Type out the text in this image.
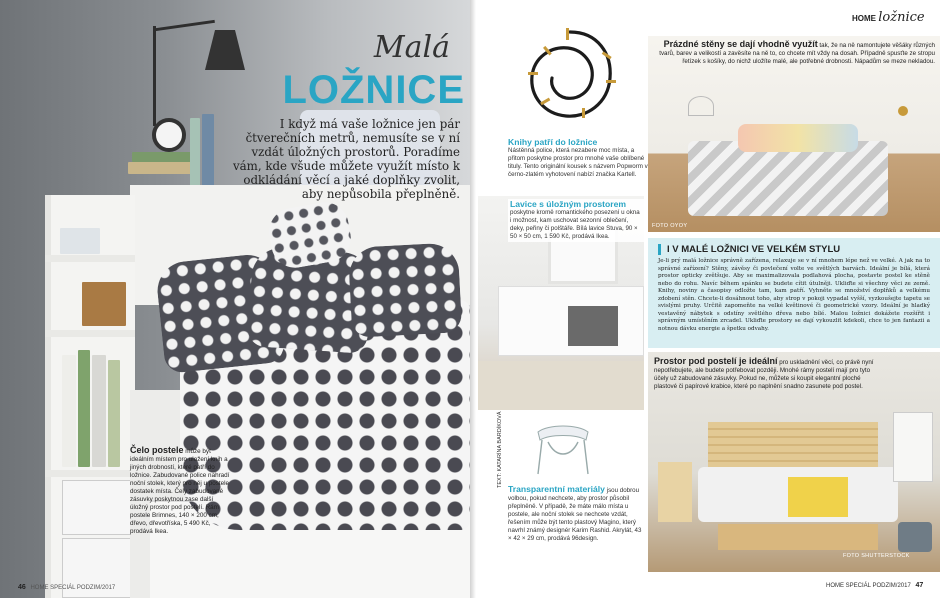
Malá
LOŽNICE
I když má vaše ložnice jen pár čtverečních metrů, nemusíte se v ní vzdát úložných prostorů. Poradíme vám, kde všude můžete využít místo k odkládání věcí a jaké doplňky zvolit, aby nepůsobila přeplněně.
Čelo postele může být ideálním místem pro uložení knih a jiných drobností, které patří do ložnice. Zabudované police nahradí noční stolek, který pro něj u postele dostatek místa. Čely zabudované zásuvky poskytnou zase další úložný prostor pod postelí. Rám postele Brimnes, 140 × 200 cm, dřevo, dřevotříska, 5 490 Kč, prodává Ikea.
46 HOME SPECIÁL PODZIM/2017
HOME ložnice
Knihy patří do ložnice
Nástěnná police, která nezabere moc místa, a přitom poskytne prostor pro mnohé vaše oblíbené tituly. Tento originální kousek s názvem Popworm v černo-zlatém vyhotovení nabízí značka Kartell.
Lavice s úložným prostorem
poskytne kromě romantického posezení u okna i možnost, kam uschovat sezonní oblečení, deky, peřiny či polštáře. Bílá lavice Stuva, 90 × 50 × 50 cm, 1 590 Kč, prodává Ikea.
Prázdné stěny se dají vhodně využít tak, že na ně namontujete věšáky různých tvarů, barev a velikostí a zavěsíte na ně to, co chcete mít vždy na dosah. Případně spusťte ze stropu řetízek s košíky, do nichž uložíte malé, ale potřebné drobnosti. Nápadům se meze nekladou.
FOTO OYOY
I V MALÉ LOŽNICI VE VELKÉM STYLU
Je-li prý malá ložnice správně zařízena, relaxuje se v ní mnohem lépe než ve velké. A jak na to správné zařízení? Stěny, závěsy či povlečení volte ve světlých barvách. Ideální je bílá, která prostor opticky zvětšuje. Aby se maximalizovala podlahová plocha, postavte postel ke stěně nebo do rohu. Navíc během spánku se budete cítit útulněji. Ukliďte si všechny věci ze země. Knihy, noviny a časopisy odložte tam, kam patří. Vyhněte se množství doplňků a velkému zdobení stěn. Chcete-li dosáhnout toho, aby strop v pokoji vypadal vyšší, vyzkoušejte tapetu se svislými pruhy. Určitě zapomeňte na velké květinové či geometrické vzory. Ideální je hladký vestavěný nábytek s odstíny světlého dřeva nebo bílé. Malou ložnici dokážete rozšířit i správným umístěním zrcadel. Ukliďte prostory se dají vykouzlit kdekoli, chce to jen fantazii a notnou dávku energie a špetku odvahy.
Prostor pod postelí je ideální pro uskladnění věcí, co právě nyní nepotřebujete, ale budete potřebovat později. Mnohé rámy postelí mají pro tyto účely už zabudované zásuvky. Pokud ne, můžete si koupit elegantní ploché plastové či papírové krabice, které po naplnění snadno zasunete pod postel.
FOTO SHUTTERSTOCK
Transparentní materiály jsou dobrou volbou, pokud nechcete, aby prostor působil přeplněně. V případě, že máte málo místa u postele, ale noční stolek se nechcete vzdát, řešením může být tento plastový Magino, který navrhl známý designér Karim Rashid. Akrylát, 43 × 42 × 29 cm, prodává 96design.
TEXT: KATARÍNA BARDÍKOVÁ
HOME SPECIÁL PODZIM/2017 47
